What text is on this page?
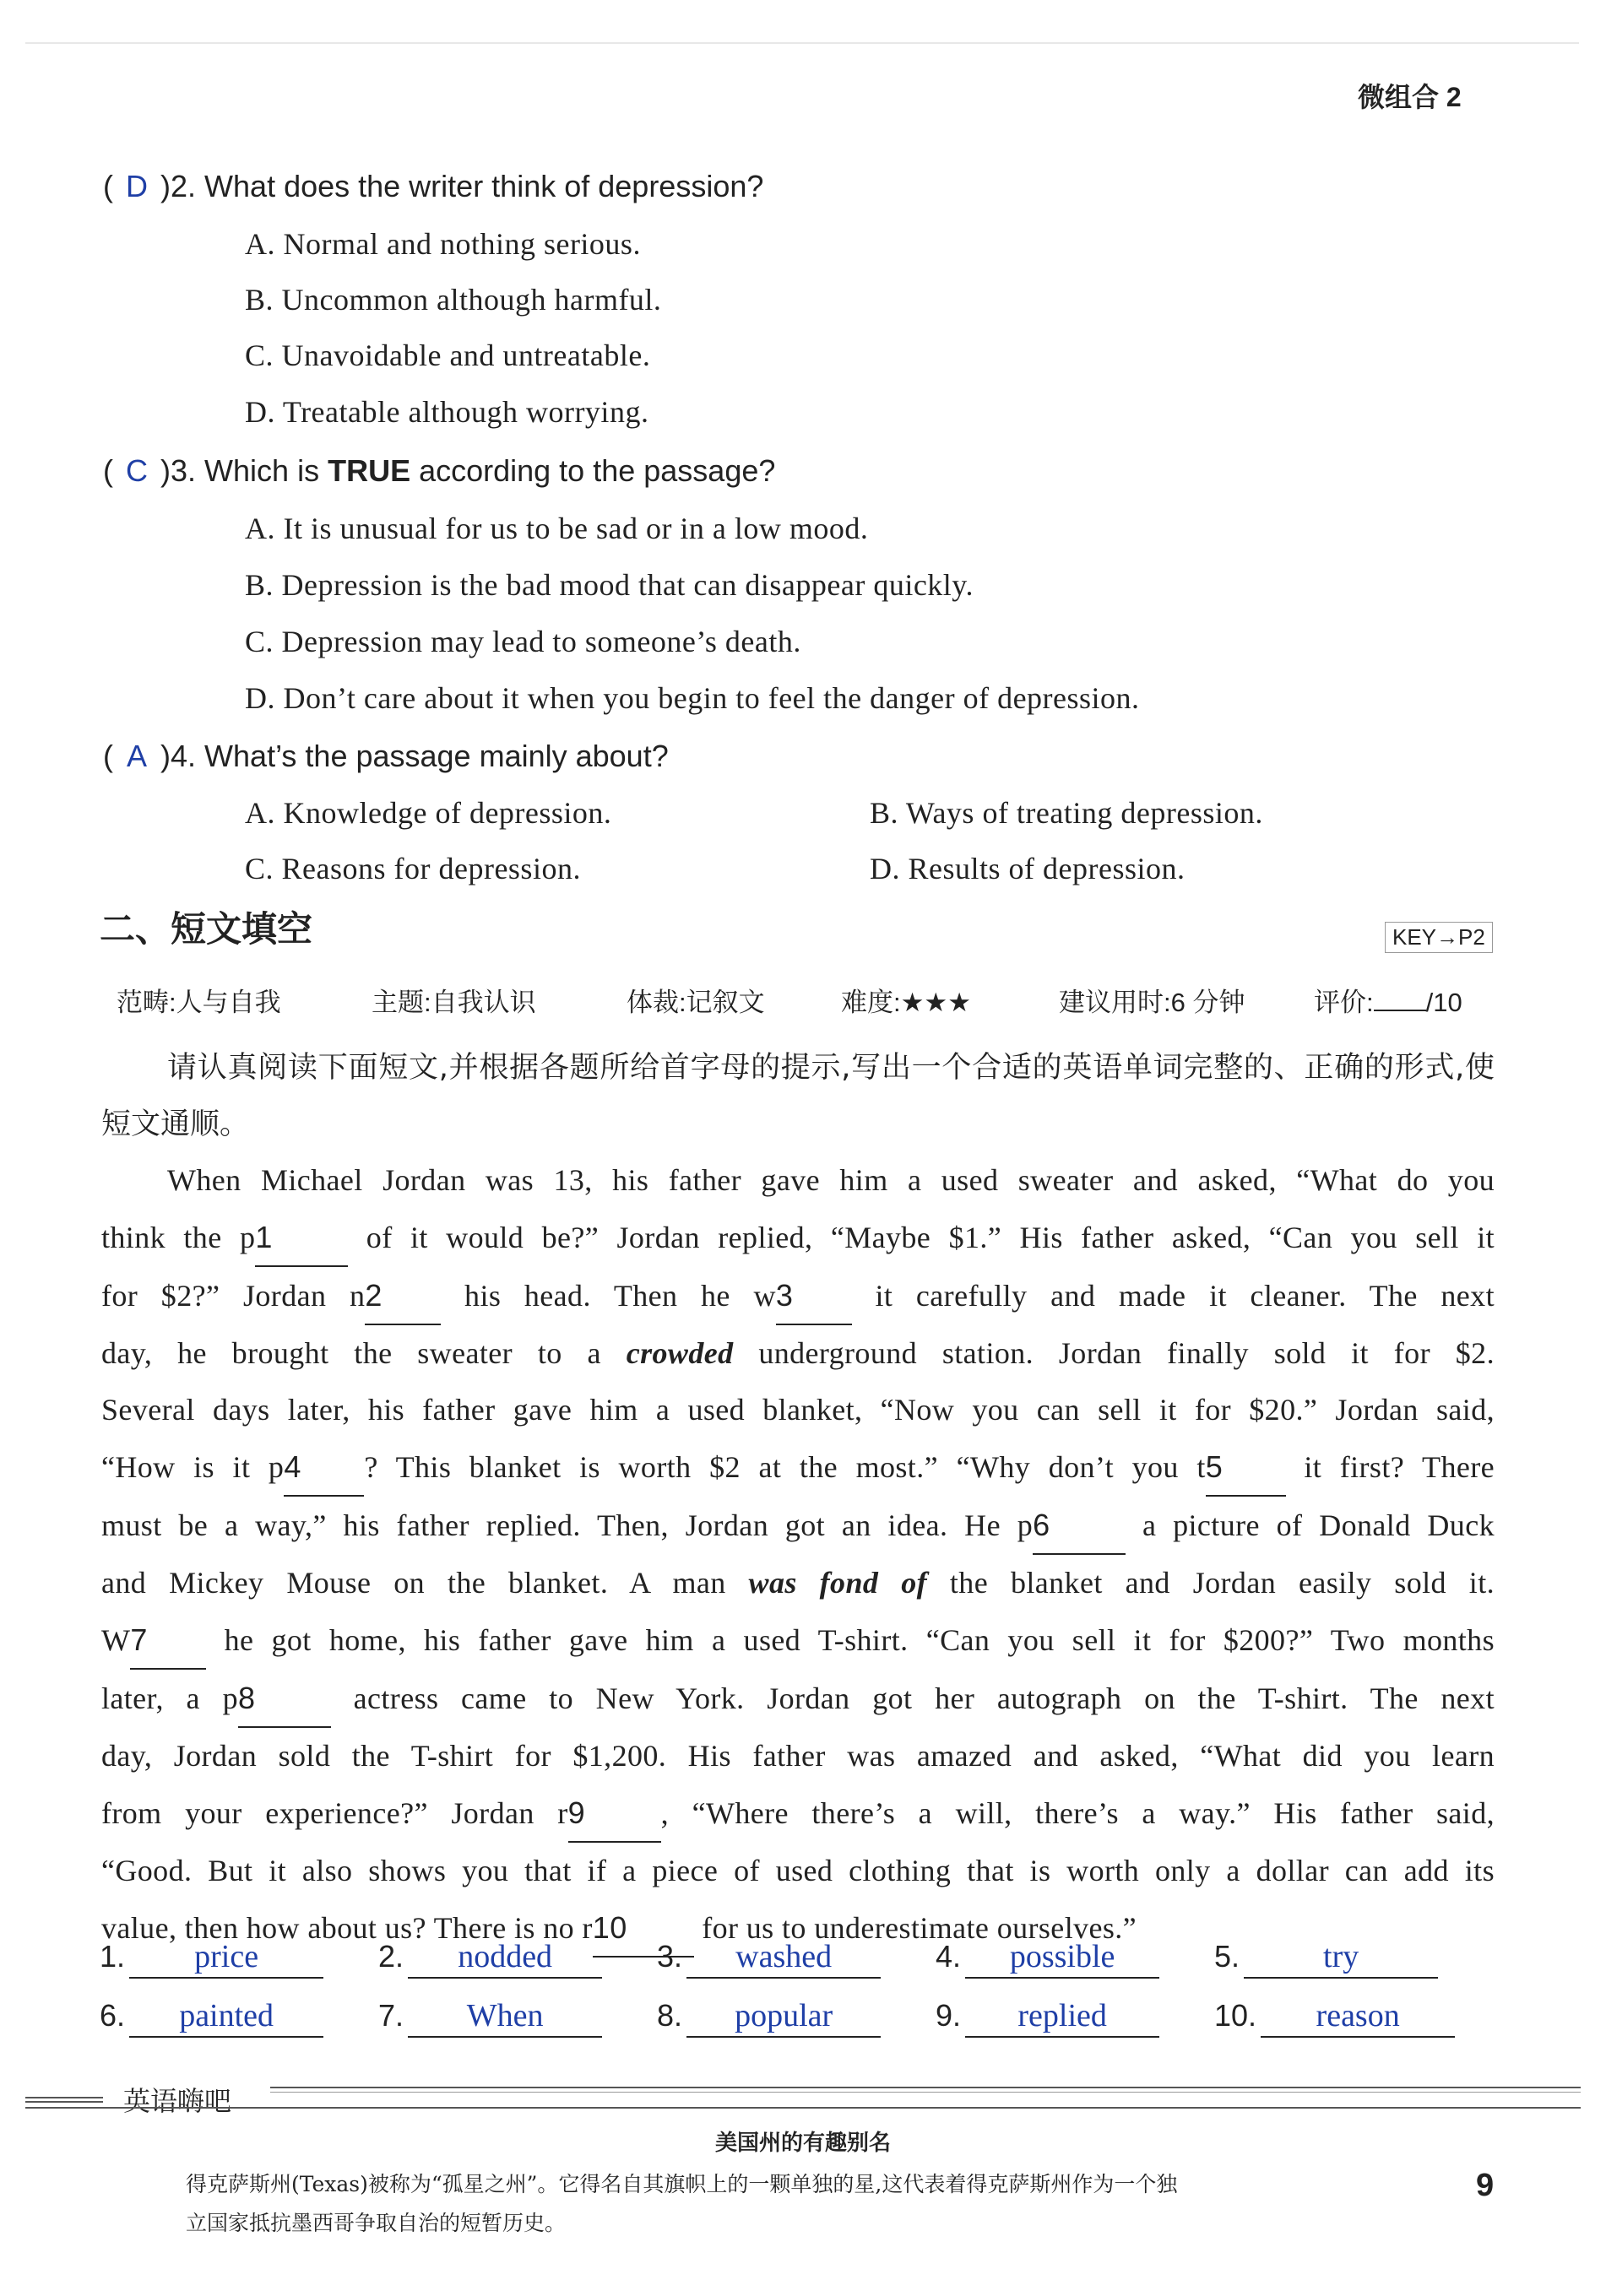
微组合 2
( D )2. What does the writer think of depression?
A. Normal and nothing serious.
B. Uncommon although harmful.
C. Unavoidable and untreatable.
D. Treatable although worrying.
( C )3. Which is TRUE according to the passage?
A. It is unusual for us to be sad or in a low mood.
B. Depression is the bad mood that can disappear quickly.
C. Depression may lead to someone’s death.
D. Don’t care about it when you begin to feel the danger of depression.
( A )4. What’s the passage mainly about?
A. Knowledge of depression.	B. Ways of treating depression.
C. Reasons for depression.	D. Results of depression.
二、短文填空	KEY→P2
范畴:人与自我	主题:自我认识	体裁:记叙文	难度:★★★	建议用时:6 分钟	评价: /10
请认真阅读下面短文,并根据各题所给首字母的提示,写出一个合适的英语单词完整的、正确的形式,使短文通顺。
When Michael Jordan was 13, his father gave him a used sweater and asked, “What do you
think the p1	of it would be?” Jordan replied, “Maybe $1.” His father asked, “Can you sell it
for $2?” Jordan n2	his head. Then he w3	it carefully and made it cleaner. The next
day, he brought the sweater to a crowded underground station. Jordan finally sold it for $2.
Several days later, his father gave him a used blanket, “Now you can sell it for $20.” Jordan said,
“How is it p4 ? This blanket is worth $2 at the most.” “Why don’t you t5	it first? There
must be a way,” his father replied. Then, Jordan got an idea. He p6	a picture of Donald Duck
and Mickey Mouse on the blanket. A man was fond of the blanket and Jordan easily sold it.
W7	he got home, his father gave him a used T-shirt. “Can you sell it for $200?” Two months
later, a p8	actress came to New York. Jordan got her autograph on the T-shirt. The next
day, Jordan sold the T-shirt for $1,200. His father was amazed and asked, “What did you learn
from your experience?” Jordan r9 , “Where there’s a will, there’s a way.” His father said,
“Good. But it also shows you that if a piece of used clothing that is worth only a dollar can add its
value, then how about us? There is no r10 for us to underestimate ourselves.”
1. price	2. nodded	3. washed	4. possible	5.	try
6. painted	7. When	8. popular	9. replied	10. reason
英语嗨吧
美国州的有趣别名
得克萨斯州(Texas)被称为“孤星之州”。它得名自其旗帜上的一颗单独的星,这代表着得克萨斯州作为一个独
立国家抵抗墨西哥争取自治的短暂历史。
9
